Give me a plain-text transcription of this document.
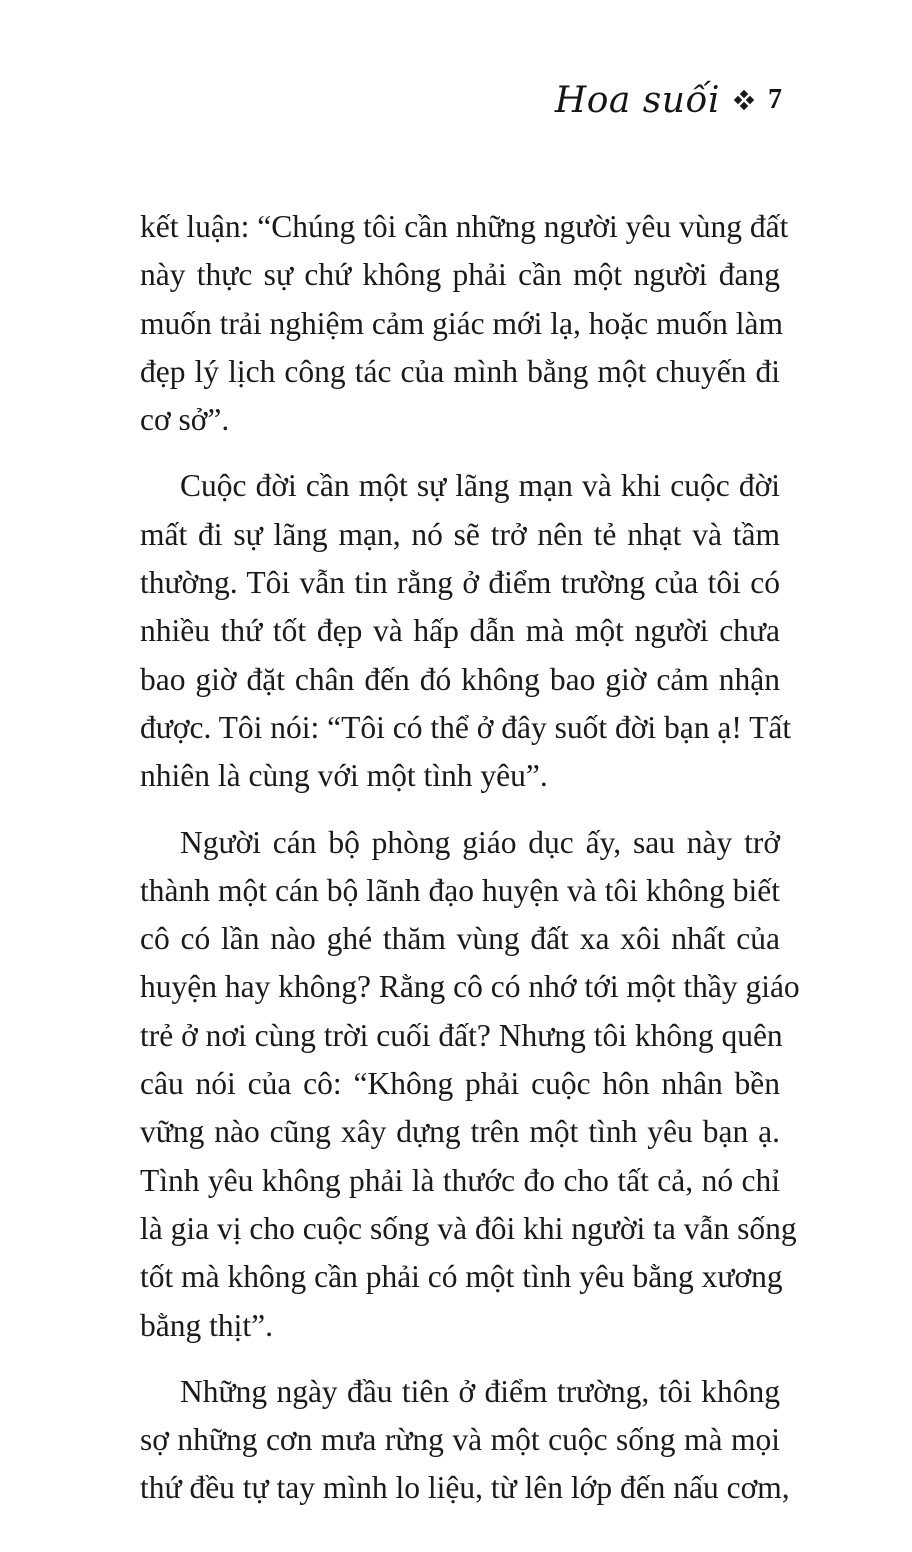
Hoa suối 7
kết luận: “Chúng tôi cần những người yêu vùng đất
này thực sự chứ không phải cần một người đang
muốn trải nghiệm cảm giác mới lạ, hoặc muốn làm
đẹp lý lịch công tác của mình bằng một chuyến đi
cơ sở”.
Cuộc đời cần một sự lãng mạn và khi cuộc đời
mất đi sự lãng mạn, nó sẽ trở nên tẻ nhạt và tầm
thường. Tôi vẫn tin rằng ở điểm trường của tôi có
nhiều thứ tốt đẹp và hấp dẫn mà một người chưa
bao giờ đặt chân đến đó không bao giờ cảm nhận
được. Tôi nói: “Tôi có thể ở đây suốt đời bạn ạ! Tất
nhiên là cùng với một tình yêu”.
Người cán bộ phòng giáo dục ấy, sau này trở
thành một cán bộ lãnh đạo huyện và tôi không biết
cô có lần nào ghé thăm vùng đất xa xôi nhất của
huyện hay không? Rằng cô có nhớ tới một thầy giáo
trẻ ở nơi cùng trời cuối đất? Nhưng tôi không quên
câu nói của cô: “Không phải cuộc hôn nhân bền
vững nào cũng xây dựng trên một tình yêu bạn ạ.
Tình yêu không phải là thước đo cho tất cả, nó chỉ
là gia vị cho cuộc sống và đôi khi người ta vẫn sống
tốt mà không cần phải có một tình yêu bằng xương
bằng thịt”.
Những ngày đầu tiên ở điểm trường, tôi không
sợ những cơn mưa rừng và một cuộc sống mà mọi
thứ đều tự tay mình lo liệu, từ lên lớp đến nấu cơm,
